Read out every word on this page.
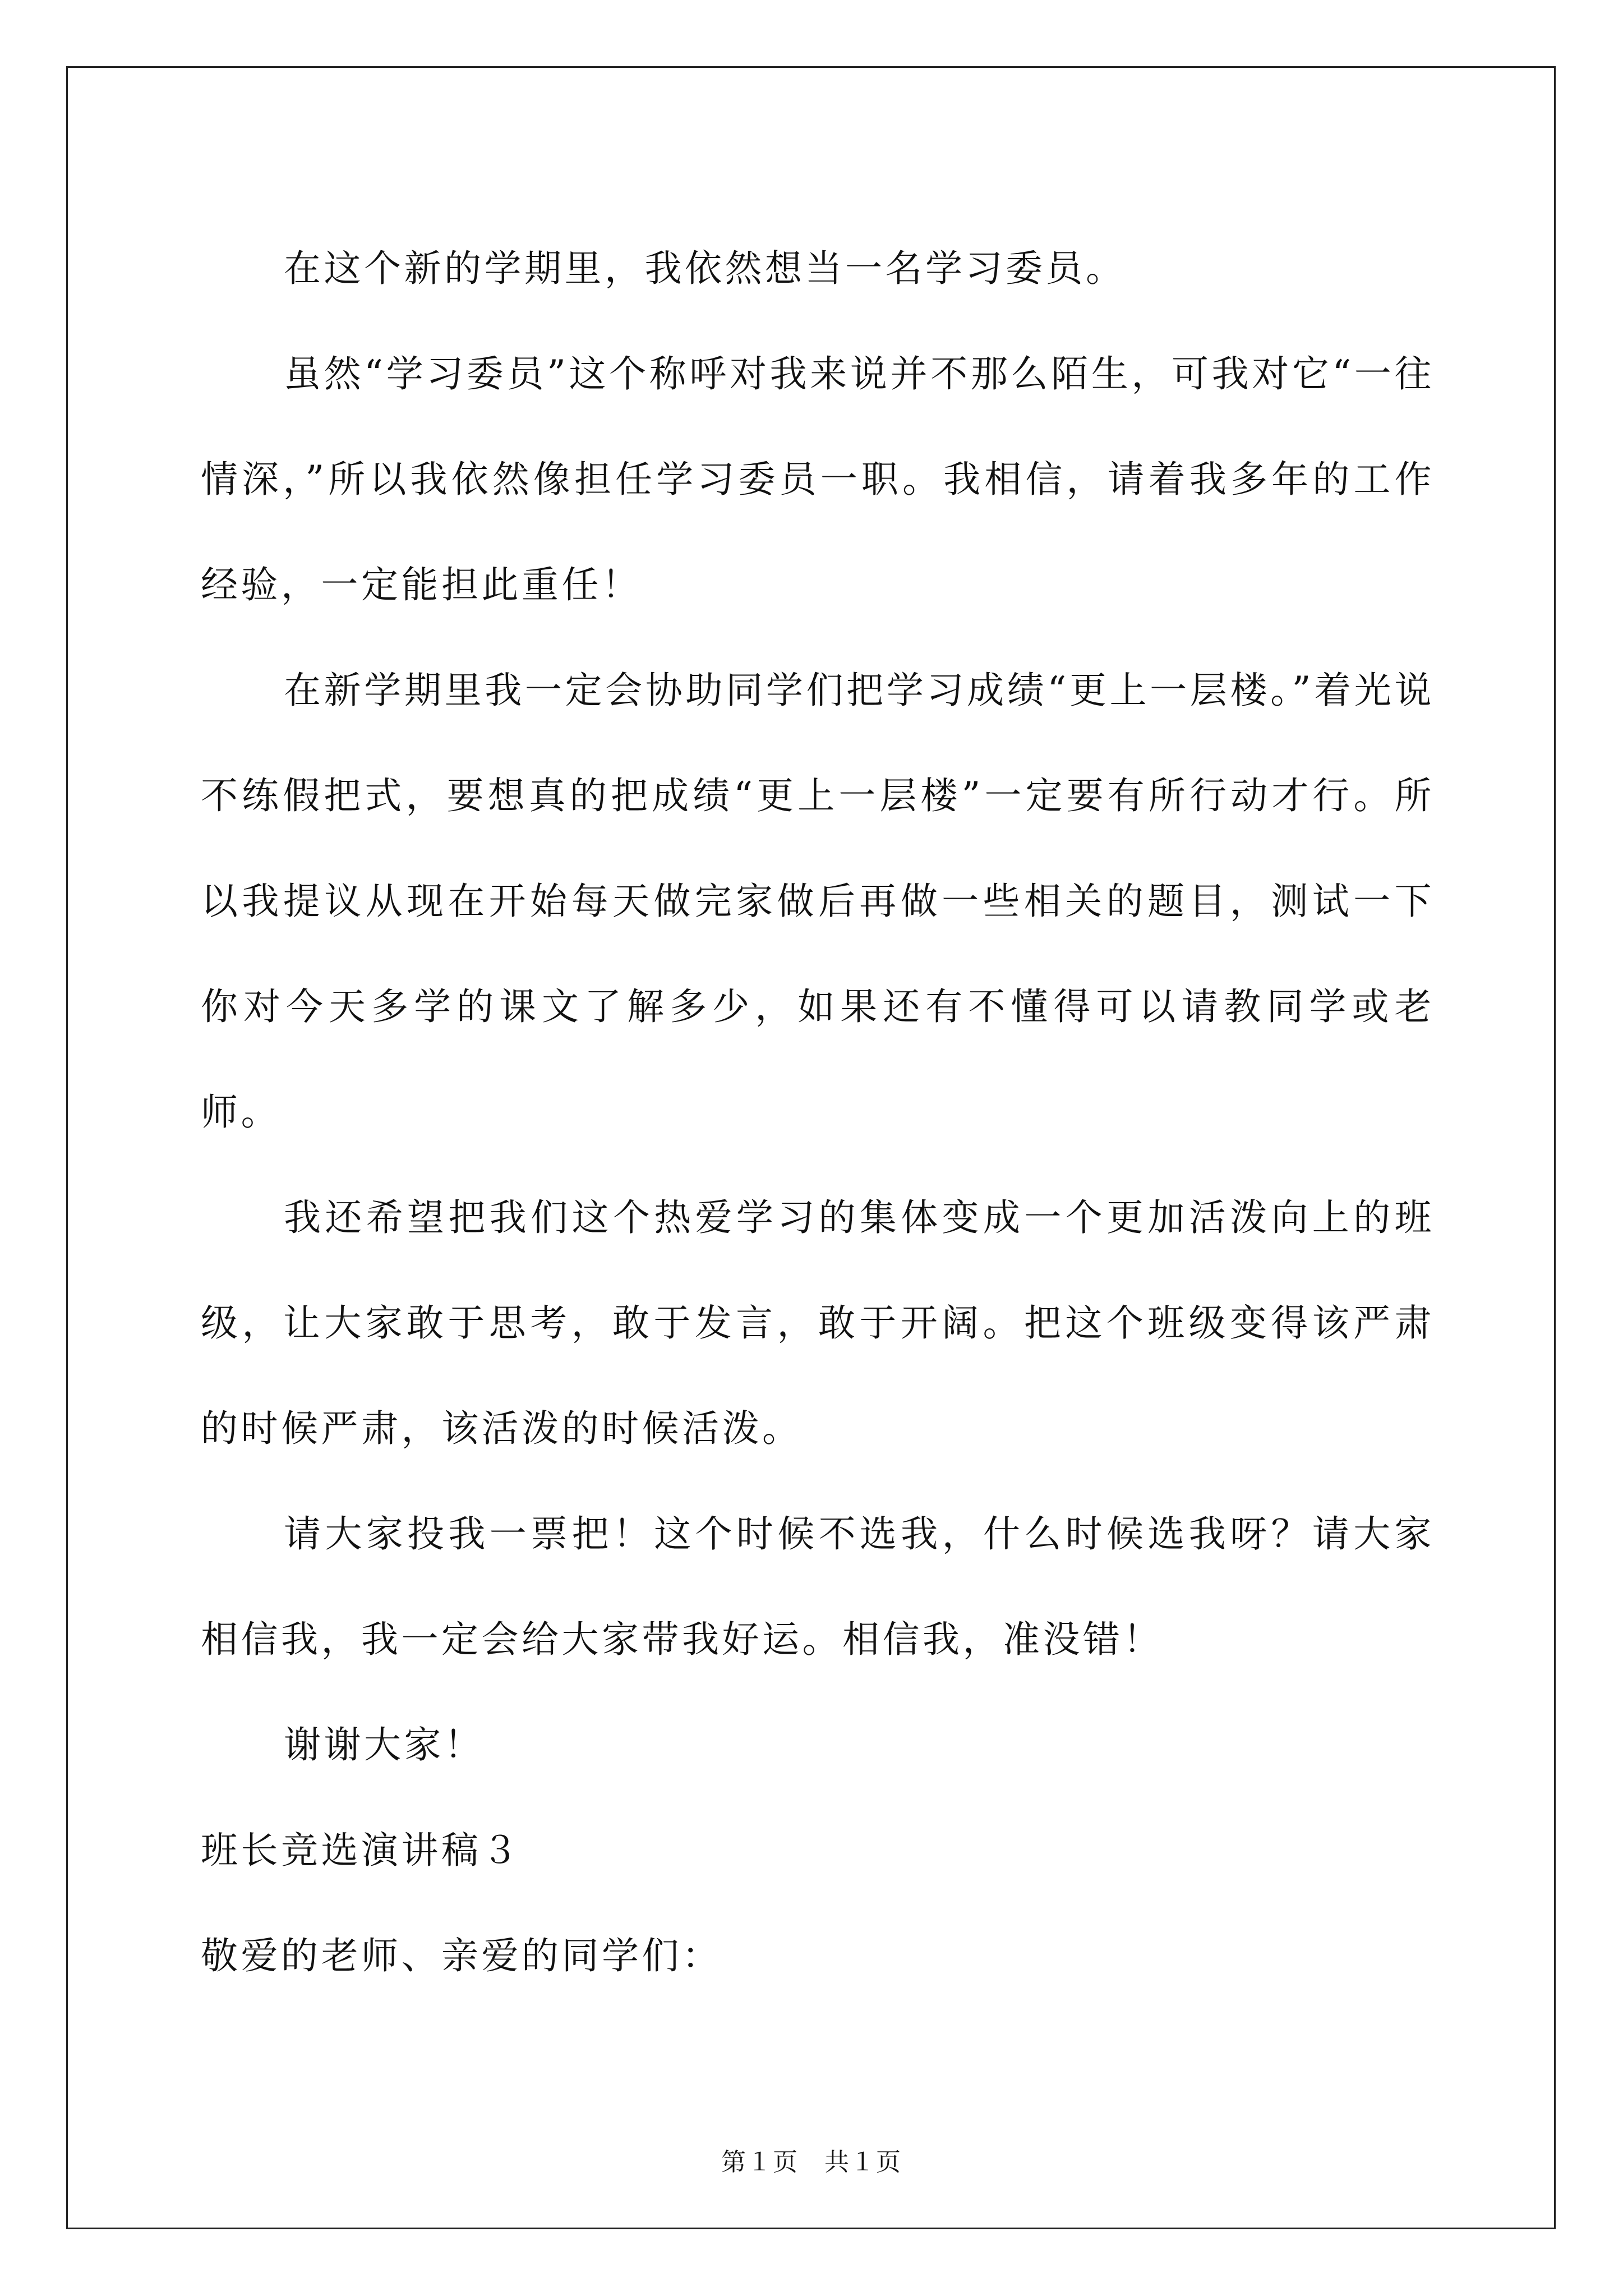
在这个新的学期里，我依然想当一名学习委员。

虽然“学习委员”这个称呼对我来说并不那么陌生，可我对它“一往情深，”所以我依然像担任学习委员一职。我相信，请着我多年的工作经验，一定能担此重任！

在新学期里我一定会协助同学们把学习成绩“更上一层楼。”着光说不练假把式，要想真的把成绩“更上一层楼”一定要有所行动才行。所以我提议从现在开始每天做完家做后再做一些相关的题目，测试一下你对今天多学的课文了解多少，如果还有不懂得可以请教同学或老师。

我还希望把我们这个热爱学习的集体变成一个更加活泼向上的班级，让大家敢于思考，敢于发言，敢于开阔。把这个班级变得该严肃的时候严肃，该活泼的时候活泼。

请大家投我一票把！这个时候不选我，什么时候选我呀？请大家相信我，我一定会给大家带我好运。相信我，准没错！

谢谢大家！

班长竞选演讲稿３

敬爱的老师、亲爱的同学们：

第１页　共１页
